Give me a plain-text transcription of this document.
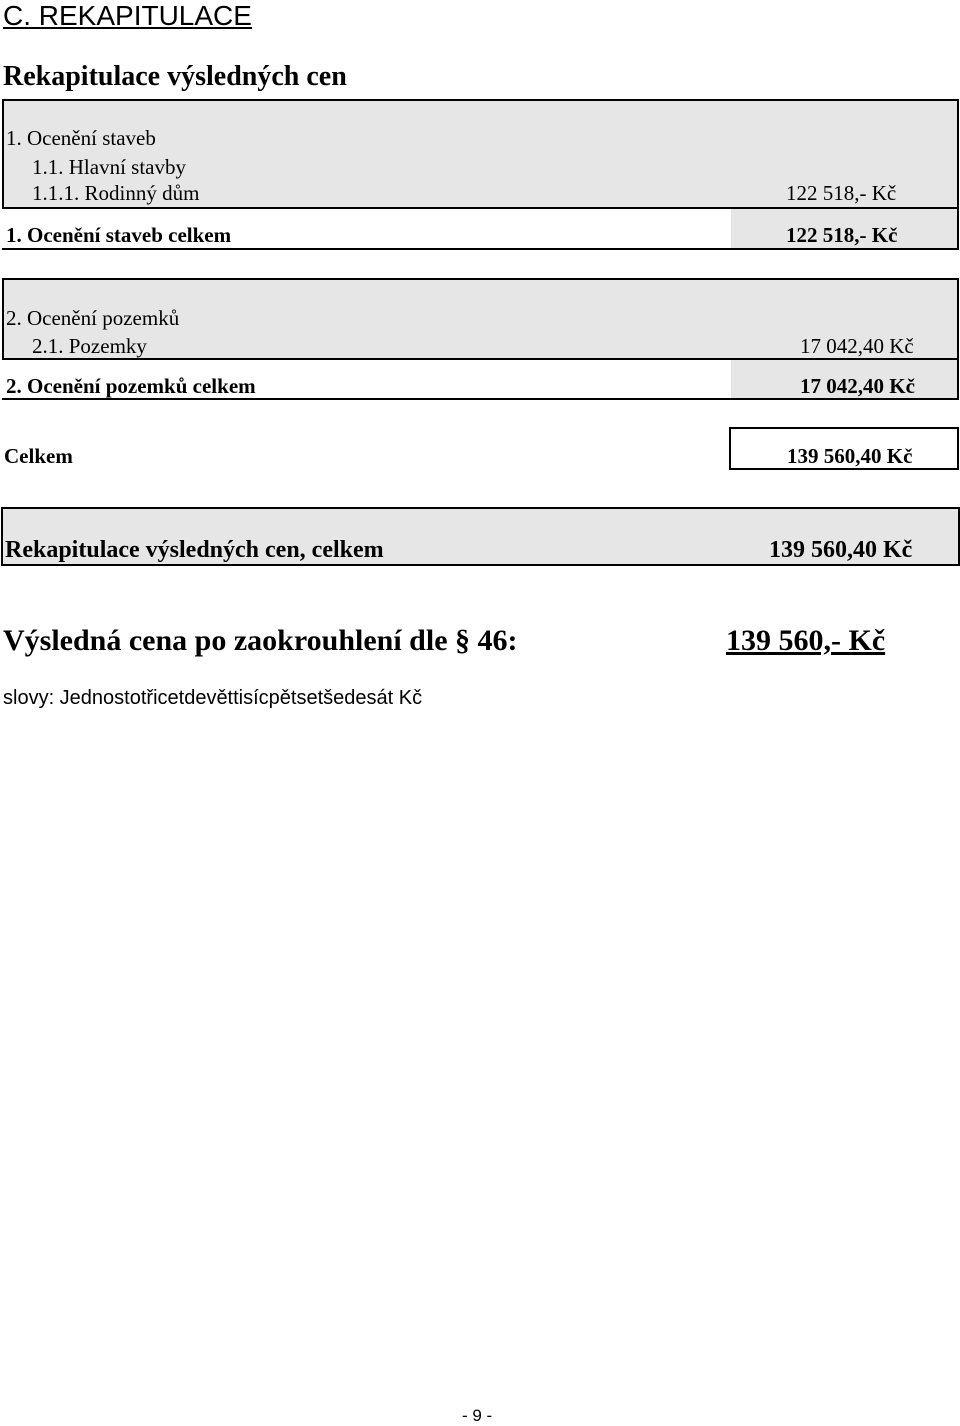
C. REKAPITULACE
Rekapitulace výsledných cen
1. Ocenění staveb
1.1. Hlavní stavby
1.1.1. Rodinný dům	122 518,- Kč
1. Ocenění staveb celkem	122 518,- Kč
2. Ocenění pozemků
2.1. Pozemky	17 042,40 Kč
2. Ocenění pozemků celkem	17 042,40 Kč
Celkem	139 560,40 Kč
Rekapitulace výsledných cen, celkem	139 560,40 Kč
Výsledná cena po zaokrouhlení dle § 46:	139 560,- Kč
slovy: Jednostotřicetdevěttisícpětsetšedesát Kč
- 9 -
